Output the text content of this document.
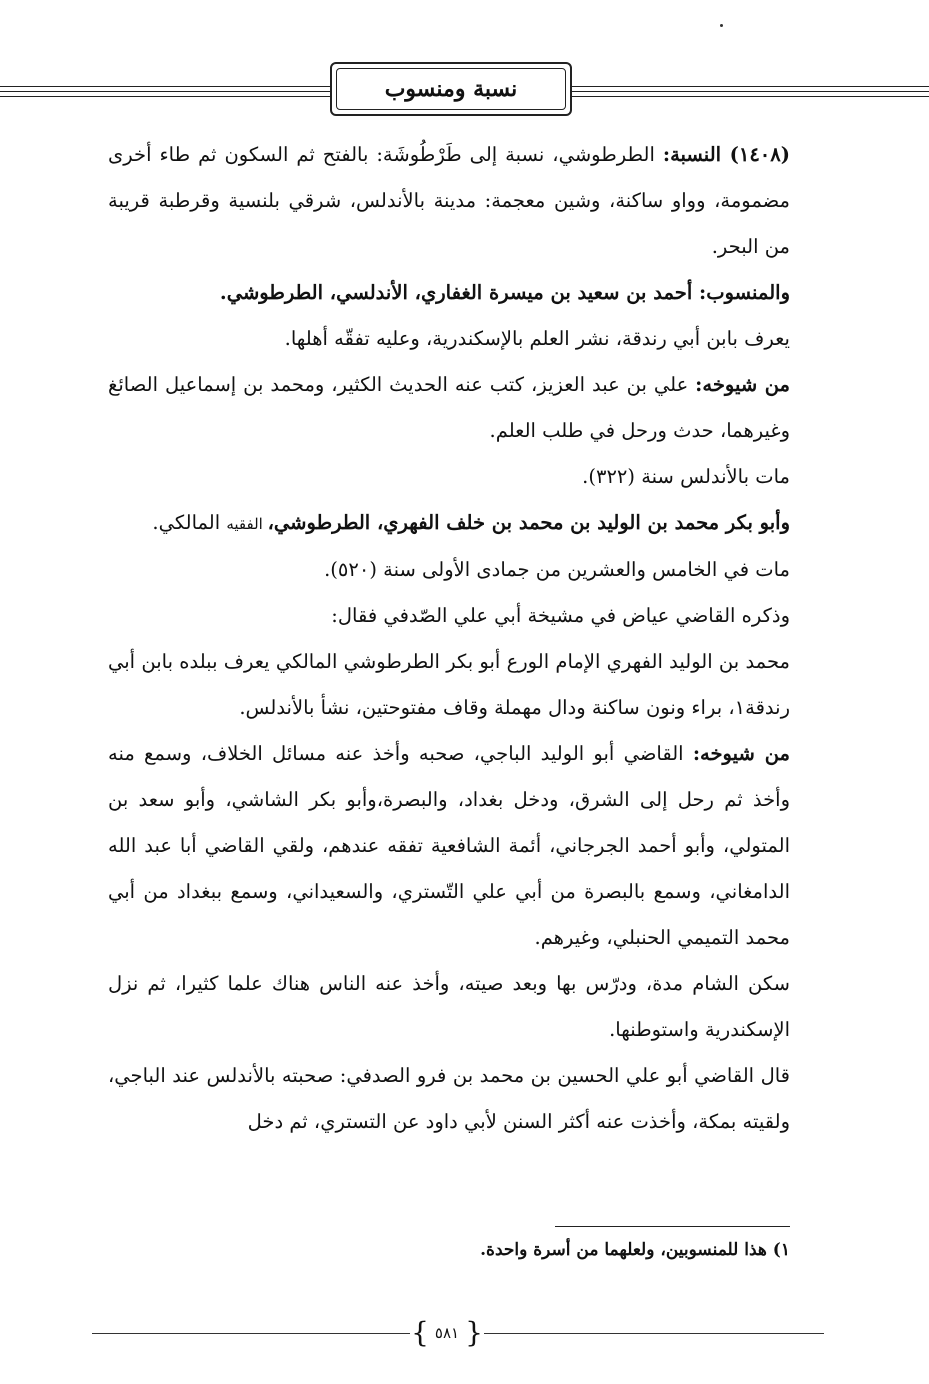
نسبة ومنسوب

(١٤٠٨) النسبة: الطرطوشي، نسبة إلى طَرْطُوشَة: بالفتح ثم السكون ثم طاء أخرى مضمومة، وواو ساكنة، وشين معجمة: مدينة بالأندلس، شرقي بلنسية وقرطبة قريبة من البحر.

والمنسوب: أحمد بن سعيد بن ميسرة الغفاري، الأندلسي، الطرطوشي.

يعرف بابن أبي رندقة، نشر العلم بالإسكندرية، وعليه تفقّه أهلها.

من شيوخه: علي بن عبد العزيز، كتب عنه الحديث الكثير، ومحمد بن إسماعيل الصائغ وغيرهما، حدث ورحل في طلب العلم.

مات بالأندلس سنة (٣٢٢).

وأبو بكر محمد بن الوليد بن محمد بن خلف الفهري، الطرطوشي، الفقيه المالكي.

مات في الخامس والعشرين من جمادى الأولى سنة (٥٢٠).

وذكره القاضي عياض في مشيخة أبي علي الصّدفي فقال:

محمد بن الوليد الفهري الإمام الورع أبو بكر الطرطوشي المالكي يعرف ببلده بابن أبي رندقة١، براء ونون ساكنة ودال مهملة وقاف مفتوحتين، نشأ بالأندلس.

من شيوخه: القاضي أبو الوليد الباجي، صحبه وأخذ عنه مسائل الخلاف، وسمع منه وأخذ ثم رحل إلى الشرق، ودخل بغداد، والبصرة،وأبو بكر الشاشي، وأبو سعد بن المتولي، وأبو أحمد الجرجاني، أئمة الشافعية تفقه عندهم، ولقي القاضي أبا عبد الله الدامغاني، وسمع بالبصرة من أبي علي التّستري، والسعيداني، وسمع ببغداد من أبي محمد التميمي الحنبلي، وغيرهم.

سكن الشام مدة، ودرّس بها وبعد صيته، وأخذ عنه الناس هناك علما كثيرا، ثم نزل الإسكندرية واستوطنها.

قال القاضي أبو علي الحسين بن محمد بن فرو الصدفي: صحبته بالأندلس عند الباجي، ولقيته بمكة، وأخذت عنه أكثر السنن لأبي داود عن التستري، ثم دخل

١) هذا للمنسوبين، ولعلهما من أسرة واحدة.
{
٥٨١
}
